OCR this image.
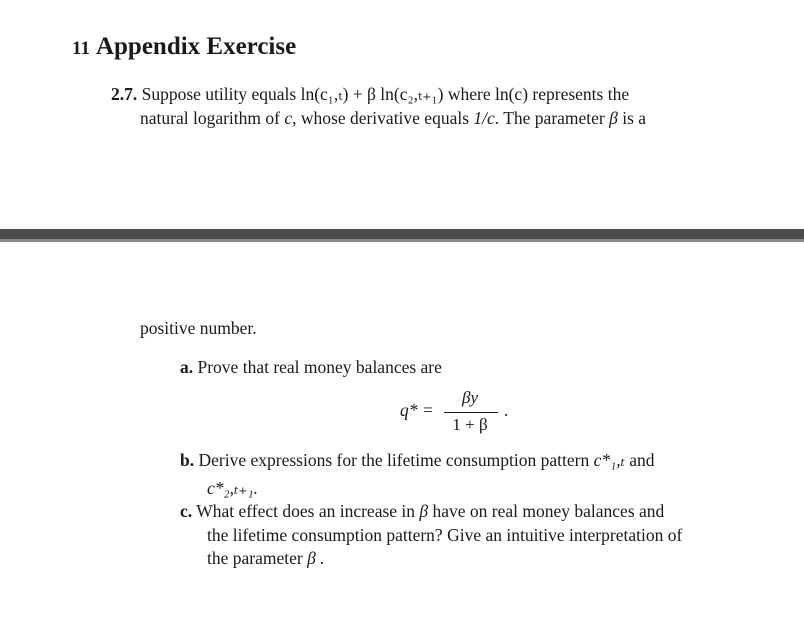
11 Appendix Exercise
2.7. Suppose utility equals ln(c₁,ₜ) + β ln(c₂,ₜ₊₁) where ln(c) represents the
natural logarithm of c, whose derivative equals 1/c. The parameter β is a
positive number.
a. Prove that real money balances are
q* =
βy
1 + β
.
b. Derive expressions for the lifetime consumption pattern c*₁,ₜ and
c*₂,ₜ₊₁.
c. What effect does an increase in β have on real money balances and
the lifetime consumption pattern? Give an intuitive interpretation of
the parameter β .
